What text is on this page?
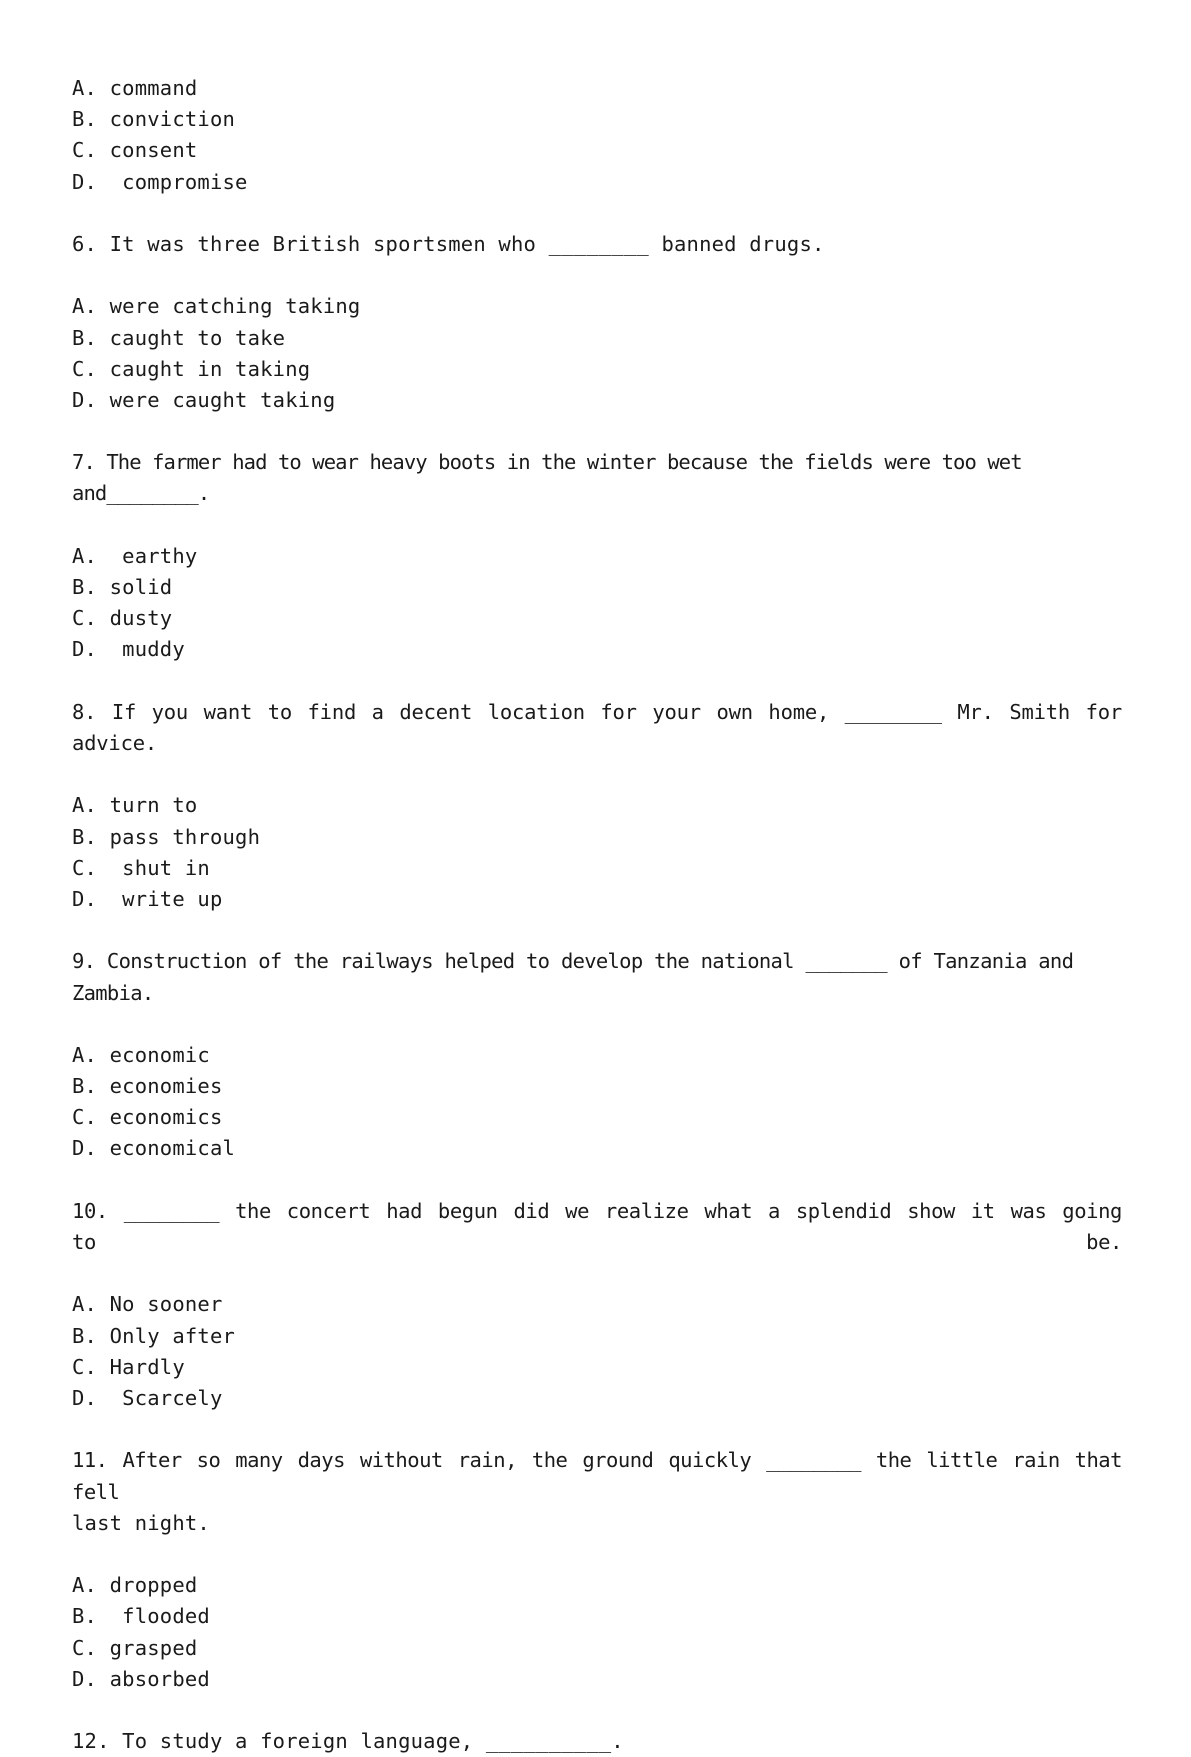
A. command
B. conviction
C. consent
D.  compromise
6. It was three British sportsmen who ________ banned drugs.
A. were catching taking
B. caught to take
C. caught in taking
D. were caught taking
7. The farmer had to wear heavy boots in the winter because the fields were too wet and________.
A.  earthy
B. solid
C. dusty
D.  muddy
8. If you want to find a decent location for your own home, ________ Mr. Smith for advice.
A. turn to
B. pass through
C.  shut in
D.  write up
9. Construction of the railways helped to develop the national _______ of Tanzania and Zambia.
A. economic
B. economies
C. economics
D. economical
10. ________ the concert had begun did we realize what a splendid show it was going to be.
A. No sooner
B. Only after
C. Hardly
D.  Scarcely
11. After so many days without rain, the ground quickly ________ the little rain that fell
last night.
A. dropped
B.  flooded
C. grasped
D. absorbed
12. To study a foreign language, __________.
